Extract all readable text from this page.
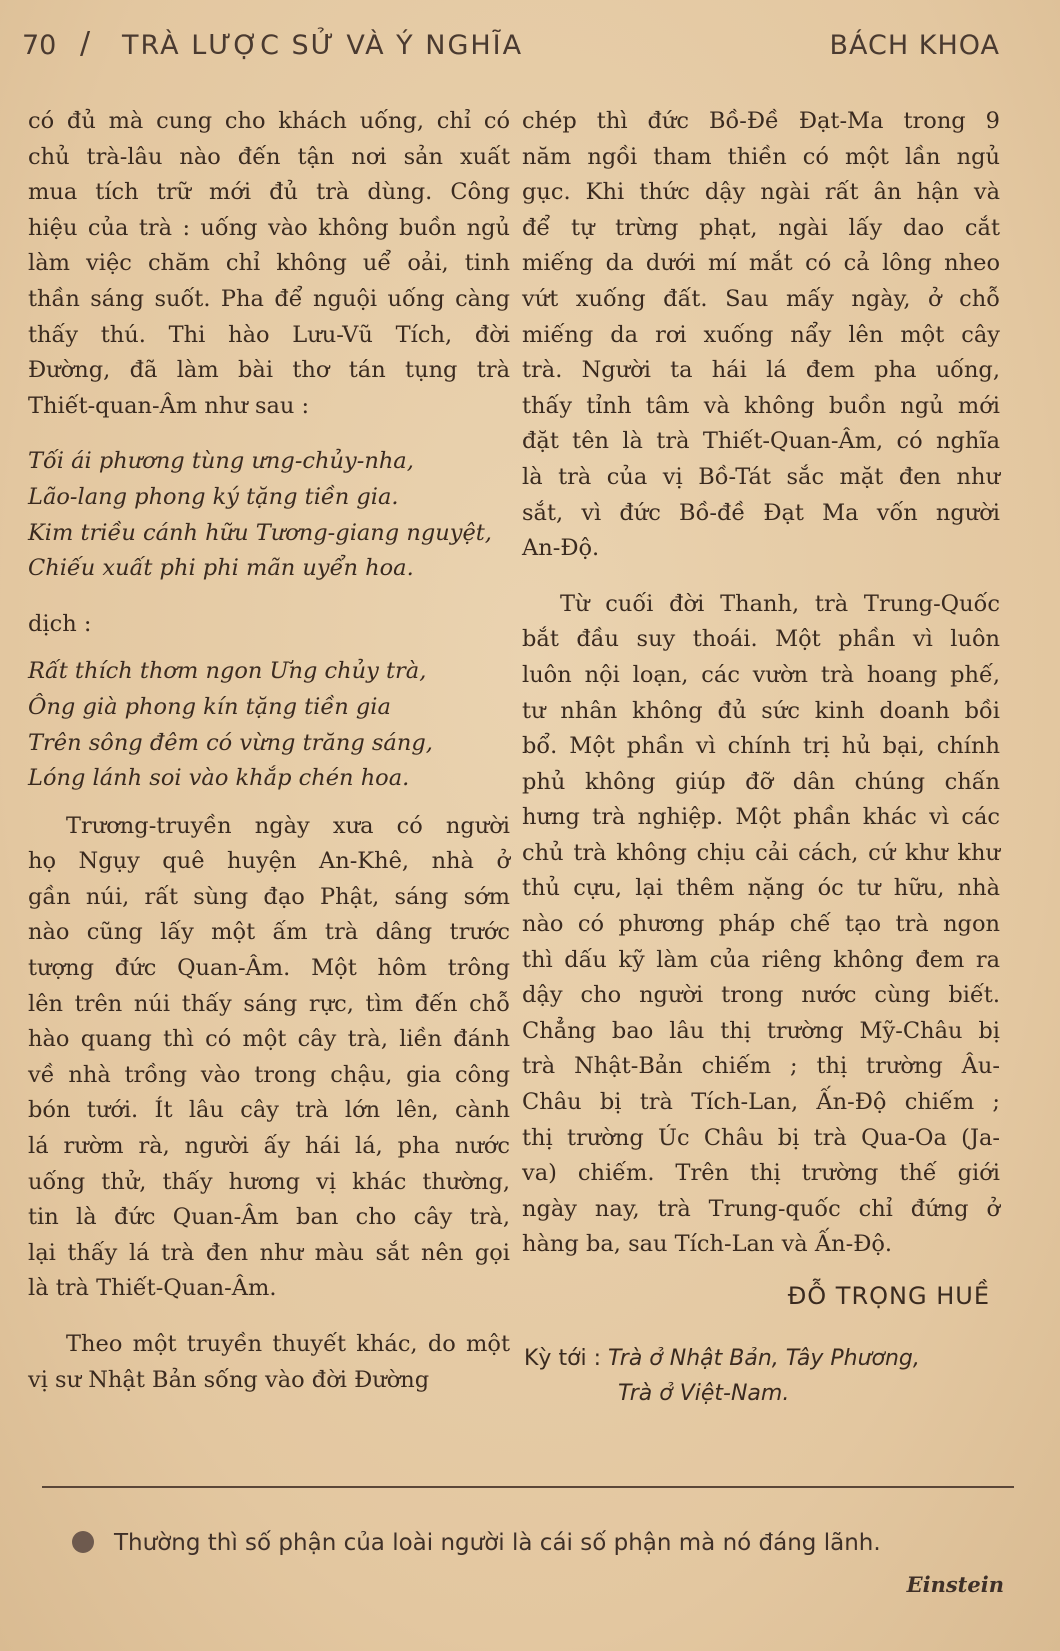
70 / TRÀ LƯỢC SỬ VÀ Ý NGHĨA	BÁCH KHOA

có đủ mà cung cho khách uống, chỉ có
chủ trà-lâu nào đến tận nơi sản xuất
mua tích trữ mới đủ trà dùng. Công
hiệu của trà : uống vào không buồn ngủ
làm việc chăm chỉ không uể oải, tinh
thần sáng suốt. Pha để nguội uống càng
thấy thú. Thi hào Lưu-Vũ Tích, đời
Đường, đã làm bài thơ tán tụng trà
Thiết-quan-Âm như sau :

Tối ái phương tùng ưng-chủy-nha,
Lão-lang phong ký tặng tiền gia.
Kim triều cánh hữu Tương-giang nguyệt,
Chiếu xuất phi phi mãn uyển hoa.

dịch :

Rất thích thơm ngon Ưng chủy trà,
Ông già phong kín tặng tiền gia
Trên sông đêm có vừng trăng sáng,
Lóng lánh soi vào khắp chén hoa.

Trương-truyền ngày xưa có người
họ Ngụy quê huyện An-Khê, nhà ở
gần núi, rất sùng đạo Phật, sáng sớm
nào cũng lấy một ấm trà dâng trước
tượng đức Quan-Âm. Một hôm trông
lên trên núi thấy sáng rực, tìm đến chỗ
hào quang thì có một cây trà, liền đánh
về nhà trồng vào trong chậu, gia công
bón tưới. Ít lâu cây trà lớn lên, cành
lá rườm rà, người ấy hái lá, pha nước
uống thử, thấy hương vị khác thường,
tin là đức Quan-Âm ban cho cây trà,
lại thấy lá trà đen như màu sắt nên gọi
là trà Thiết-Quan-Âm.

Theo một truyền thuyết khác, do một
vị sư Nhật Bản sống vào đời Đường

chép thì đức Bồ-Đề Đạt-Ma trong 9
năm ngồi tham thiền có một lần ngủ
gục. Khi thức dậy ngài rất ân hận và
để tự trừng phạt, ngài lấy dao cắt
miếng da dưới mí mắt có cả lông nheo
vứt xuống đất. Sau mấy ngày, ở chỗ
miếng da rơi xuống nẩy lên một cây
trà. Người ta hái lá đem pha uống,
thấy tỉnh tâm và không buồn ngủ mới
đặt tên là trà Thiết-Quan-Âm, có nghĩa
là trà của vị Bồ-Tát sắc mặt đen như
sắt, vì đức Bồ-đề Đạt Ma vốn người
An-Độ.

Từ cuối đời Thanh, trà Trung-Quốc
bắt đầu suy thoái. Một phần vì luôn
luôn nội loạn, các vườn trà hoang phế,
tư nhân không đủ sức kinh doanh bồi
bổ. Một phần vì chính trị hủ bại, chính
phủ không giúp đỡ dân chúng chấn
hưng trà nghiệp. Một phần khác vì các
chủ trà không chịu cải cách, cứ khư khư
thủ cựu, lại thêm nặng óc tư hữu, nhà
nào có phương pháp chế tạo trà ngon
thì dấu kỹ làm của riêng không đem ra
dậy cho người trong nước cùng biết.
Chẳng bao lâu thị trường Mỹ-Châu bị
trà Nhật-Bản chiếm ; thị trường Âu-
Châu bị trà Tích-Lan, Ấn-Độ chiếm ;
thị trường Úc Châu bị trà Qua-Oa (Ja-
va) chiếm. Trên thị trường thế giới
ngày nay, trà Trung-quốc chỉ đứng ở
hàng ba, sau Tích-Lan và Ấn-Độ.

ĐỖ TRỌNG HUỀ
Kỳ tới : Trà ở Nhật Bản, Tây Phương,
Trà ở Việt-Nam.
Thường thì số phận của loài người là cái số phận mà nó đáng lãnh.
Einstein
